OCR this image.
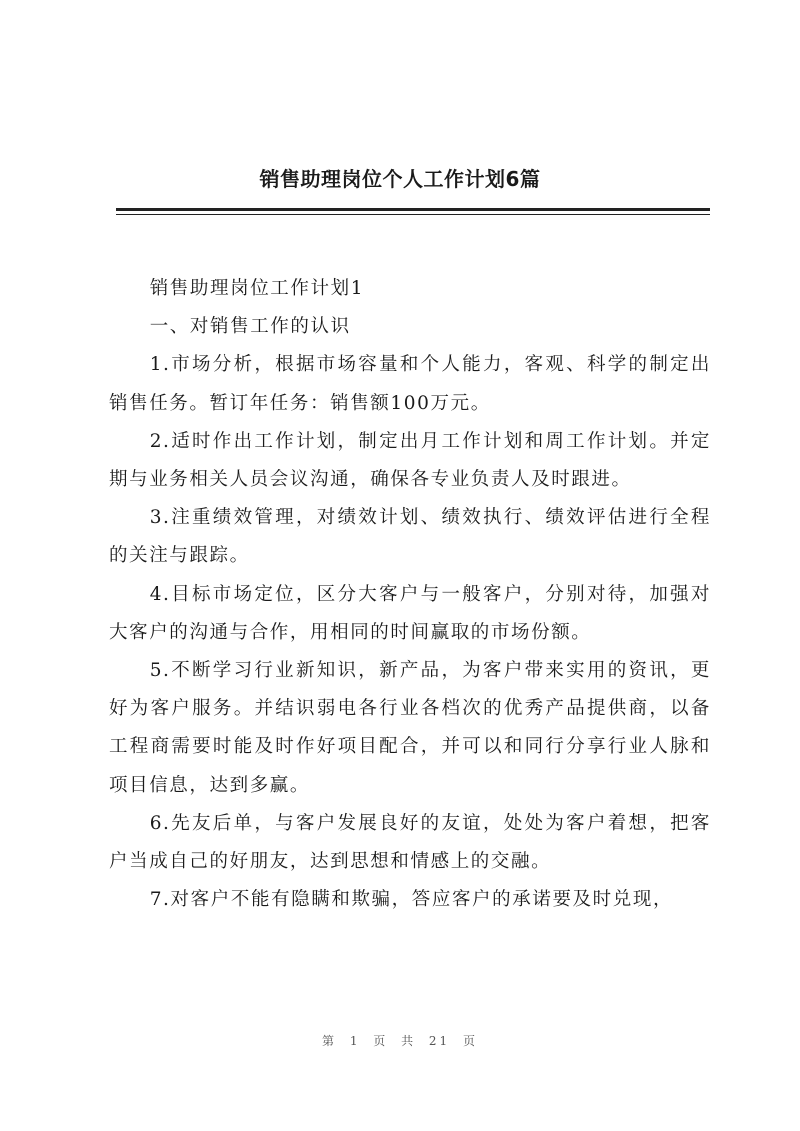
销售助理岗位个人工作计划6篇

销售助理岗位工作计划1

一、对销售工作的认识

1.市场分析，根据市场容量和个人能力，客观、科学的制定出销售任务。暂订年任务：销售额100万元。

2.适时作出工作计划，制定出月工作计划和周工作计划。并定期与业务相关人员会议沟通，确保各专业负责人及时跟进。

3.注重绩效管理，对绩效计划、绩效执行、绩效评估进行全程的关注与跟踪。

4.目标市场定位，区分大客户与一般客户，分别对待，加强对大客户的沟通与合作，用相同的时间赢取的市场份额。

5.不断学习行业新知识，新产品，为客户带来实用的资讯，更好为客户服务。并结识弱电各行业各档次的优秀产品提供商，以备工程商需要时能及时作好项目配合，并可以和同行分享行业人脉和项目信息，达到多赢。

6.先友后单，与客户发展良好的友谊，处处为客户着想，把客户当成自己的好朋友，达到思想和情感上的交融。

7.对客户不能有隐瞒和欺骗，答应客户的承诺要及时兑现，

第 1 页 共 21 页
